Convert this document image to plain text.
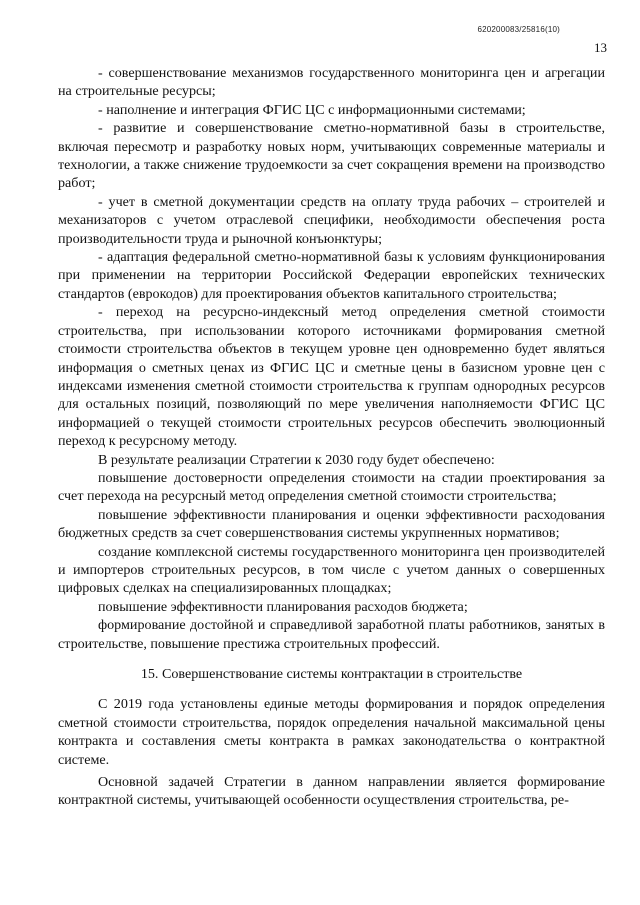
620200083/25816(10)
13

- совершенствование механизмов государственного мониторинга цен и агрегации на строительные ресурсы;

- наполнение и интеграция ФГИС ЦС с информационными системами;

- развитие и совершенствование сметно-нормативной базы в строительстве, включая пересмотр и разработку новых норм, учитывающих современные материалы и технологии, а также снижение трудоемкости за счет сокращения времени на производство работ;

- учет в сметной документации средств на оплату труда рабочих – строителей и механизаторов с учетом отраслевой специфики, необходимости обеспечения роста производительности труда и рыночной конъюнктуры;

- адаптация федеральной сметно-нормативной базы к условиям функционирования при применении на территории Российской Федерации европейских технических стандартов (еврокодов) для проектирования объектов капитального строительства;

- переход на ресурсно-индексный метод определения сметной стоимости строительства, при использовании которого источниками формирования сметной стоимости строительства объектов в текущем уровне цен одновременно будет являться информация о сметных ценах из ФГИС ЦС и сметные цены в базисном уровне цен с индексами изменения сметной стоимости строительства к группам однородных ресурсов для остальных позиций, позволяющий по мере увеличения наполняемости ФГИС ЦС информацией о текущей стоимости строительных ресурсов обеспечить эволюционный переход к ресурсному методу.

В результате реализации Стратегии к 2030 году будет обеспечено:

повышение достоверности определения стоимости на стадии проектирования за счет перехода на ресурсный метод определения сметной стоимости строительства;

повышение эффективности планирования и оценки эффективности расходования бюджетных средств за счет совершенствования системы укрупненных нормативов;

создание комплексной системы государственного мониторинга цен производителей и импортеров строительных ресурсов, в том числе с учетом данных о совершенных цифровых сделках на специализированных площадках;

повышение эффективности планирования расходов бюджета;

формирование достойной и справедливой заработной платы работников, занятых в строительстве, повышение престижа строительных профессий.

15. Совершенствование системы контрактации в строительстве

С 2019 года установлены единые методы формирования и порядок определения сметной стоимости строительства, порядок определения начальной максимальной цены контракта и составления сметы контракта в рамках законодательства о контрактной системе.

Основной задачей Стратегии в данном направлении является формирование контрактной системы, учитывающей особенности осуществления строительства, ре-
